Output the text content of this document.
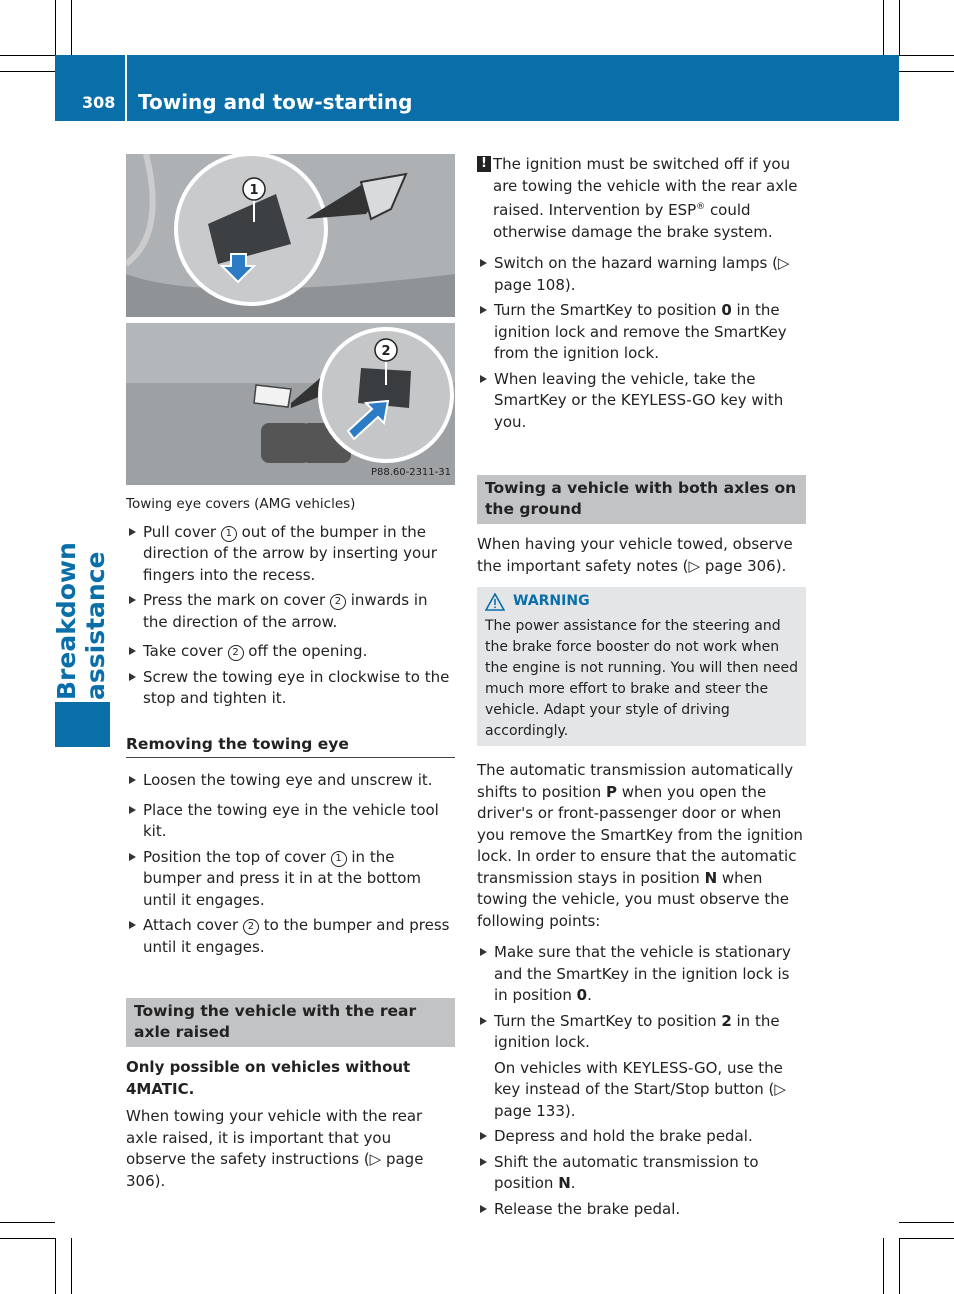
308 Towing and tow-starting
Breakdown assistance
1
2
P88.60-2311-31
Towing eye covers (AMG vehicles)
Pull cover 1 out of the bumper in the direction of the arrow by inserting your fingers into the recess.
Press the mark on cover 2 inwards in the direction of the arrow.
Take cover 2 off the opening.
Screw the towing eye in clockwise to the stop and tighten it.
Removing the towing eye
Loosen the towing eye and unscrew it.
Place the towing eye in the vehicle tool kit.
Position the top of cover 1 in the bumper and press it in at the bottom until it engages.
Attach cover 2 to the bumper and press until it engages.
Towing the vehicle with the rear axle raised

Only possible on vehicles without 4MATIC.

When towing your vehicle with the rear axle raised, it is important that you observe the safety instructions (▷ page 306).

! The ignition must be switched off if you are towing the vehicle with the rear axle raised. Intervention by ESP® could otherwise damage the brake system.
Switch on the hazard warning lamps (▷ page 108).
Turn the SmartKey to position 0 in the ignition lock and remove the SmartKey from the ignition lock.
When leaving the vehicle, take the SmartKey or the KEYLESS-GO key with you.
Towing a vehicle with both axles on the ground

When having your vehicle towed, observe the important safety notes (▷ page 306).

WARNING
The power assistance for the steering and the brake force booster do not work when the engine is not running. You will then need much more effort to brake and steer the vehicle. Adapt your style of driving accordingly.

The automatic transmission automatically shifts to position P when you open the driver's or front-passenger door or when you remove the SmartKey from the ignition lock. In order to ensure that the automatic transmission stays in position N when towing the vehicle, you must observe the following points:

Make sure that the vehicle is stationary and the SmartKey in the ignition lock is in position 0.
Turn the SmartKey to position 2 in the ignition lock.
On vehicles with KEYLESS-GO, use the key instead of the Start/Stop button (▷ page 133).
Depress and hold the brake pedal.
Shift the automatic transmission to position N.
Release the brake pedal.
